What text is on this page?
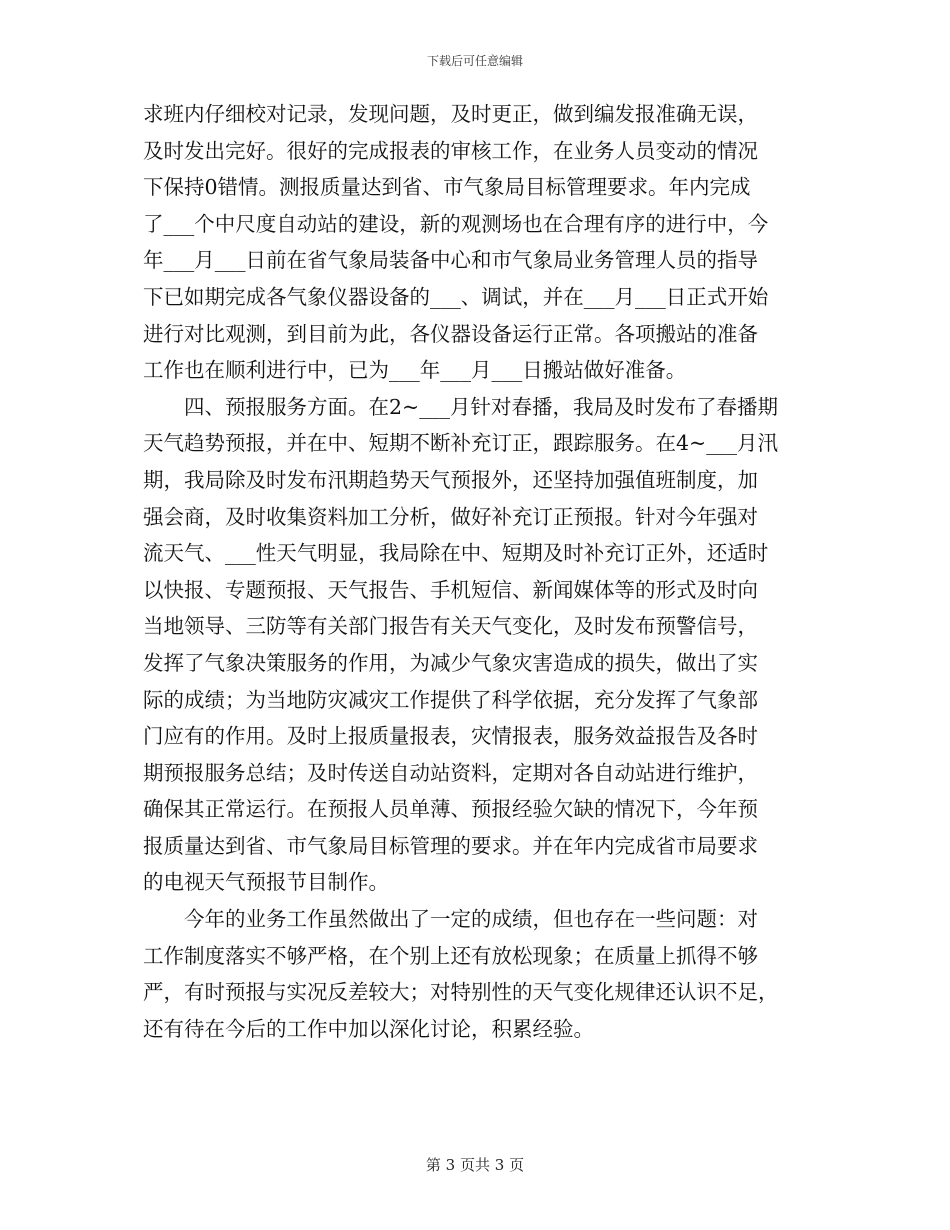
下载后可任意编辑

求班内仔细校对记录，发现问题，及时更正，做到编发报准确无误，
及时发出完好。很好的完成报表的审核工作，在业务人员变动的情况
下保持0错情。测报质量达到省、市气象局目标管理要求。年内完成
了___个中尺度自动站的建设，新的观测场也在合理有序的进行中，今
年___月___日前在省气象局装备中心和市气象局业务管理人员的指导
下已如期完成各气象仪器设备的___、调试，并在___月___日正式开始
进行对比观测，到目前为此，各仪器设备运行正常。各项搬站的准备
工作也在顺利进行中，已为___年___月___日搬站做好准备。

　　四、预报服务方面。在2~___月针对春播，我局及时发布了春播期
天气趋势预报，并在中、短期不断补充订正，跟踪服务。在4~___月汛
期，我局除及时发布汛期趋势天气预报外，还坚持加强值班制度，加
强会商，及时收集资料加工分析，做好补充订正预报。针对今年强对
流天气、___性天气明显，我局除在中、短期及时补充订正外，还适时
以快报、专题预报、天气报告、手机短信、新闻媒体等的形式及时向
当地领导、三防等有关部门报告有关天气变化，及时发布预警信号，
发挥了气象决策服务的作用，为减少气象灾害造成的损失，做出了实
际的成绩；为当地防灾减灾工作提供了科学依据，充分发挥了气象部
门应有的作用。及时上报质量报表，灾情报表，服务效益报告及各时
期预报服务总结；及时传送自动站资料，定期对各自动站进行维护，
确保其正常运行。在预报人员单薄、预报经验欠缺的情况下，今年预
报质量达到省、市气象局目标管理的要求。并在年内完成省市局要求
的电视天气预报节目制作。

　　今年的业务工作虽然做出了一定的成绩，但也存在一些问题：对
工作制度落实不够严格，在个别上还有放松现象；在质量上抓得不够
严，有时预报与实况反差较大；对特别性的天气变化规律还认识不足，
还有待在今后的工作中加以深化讨论，积累经验。

第 3 页共 3 页
